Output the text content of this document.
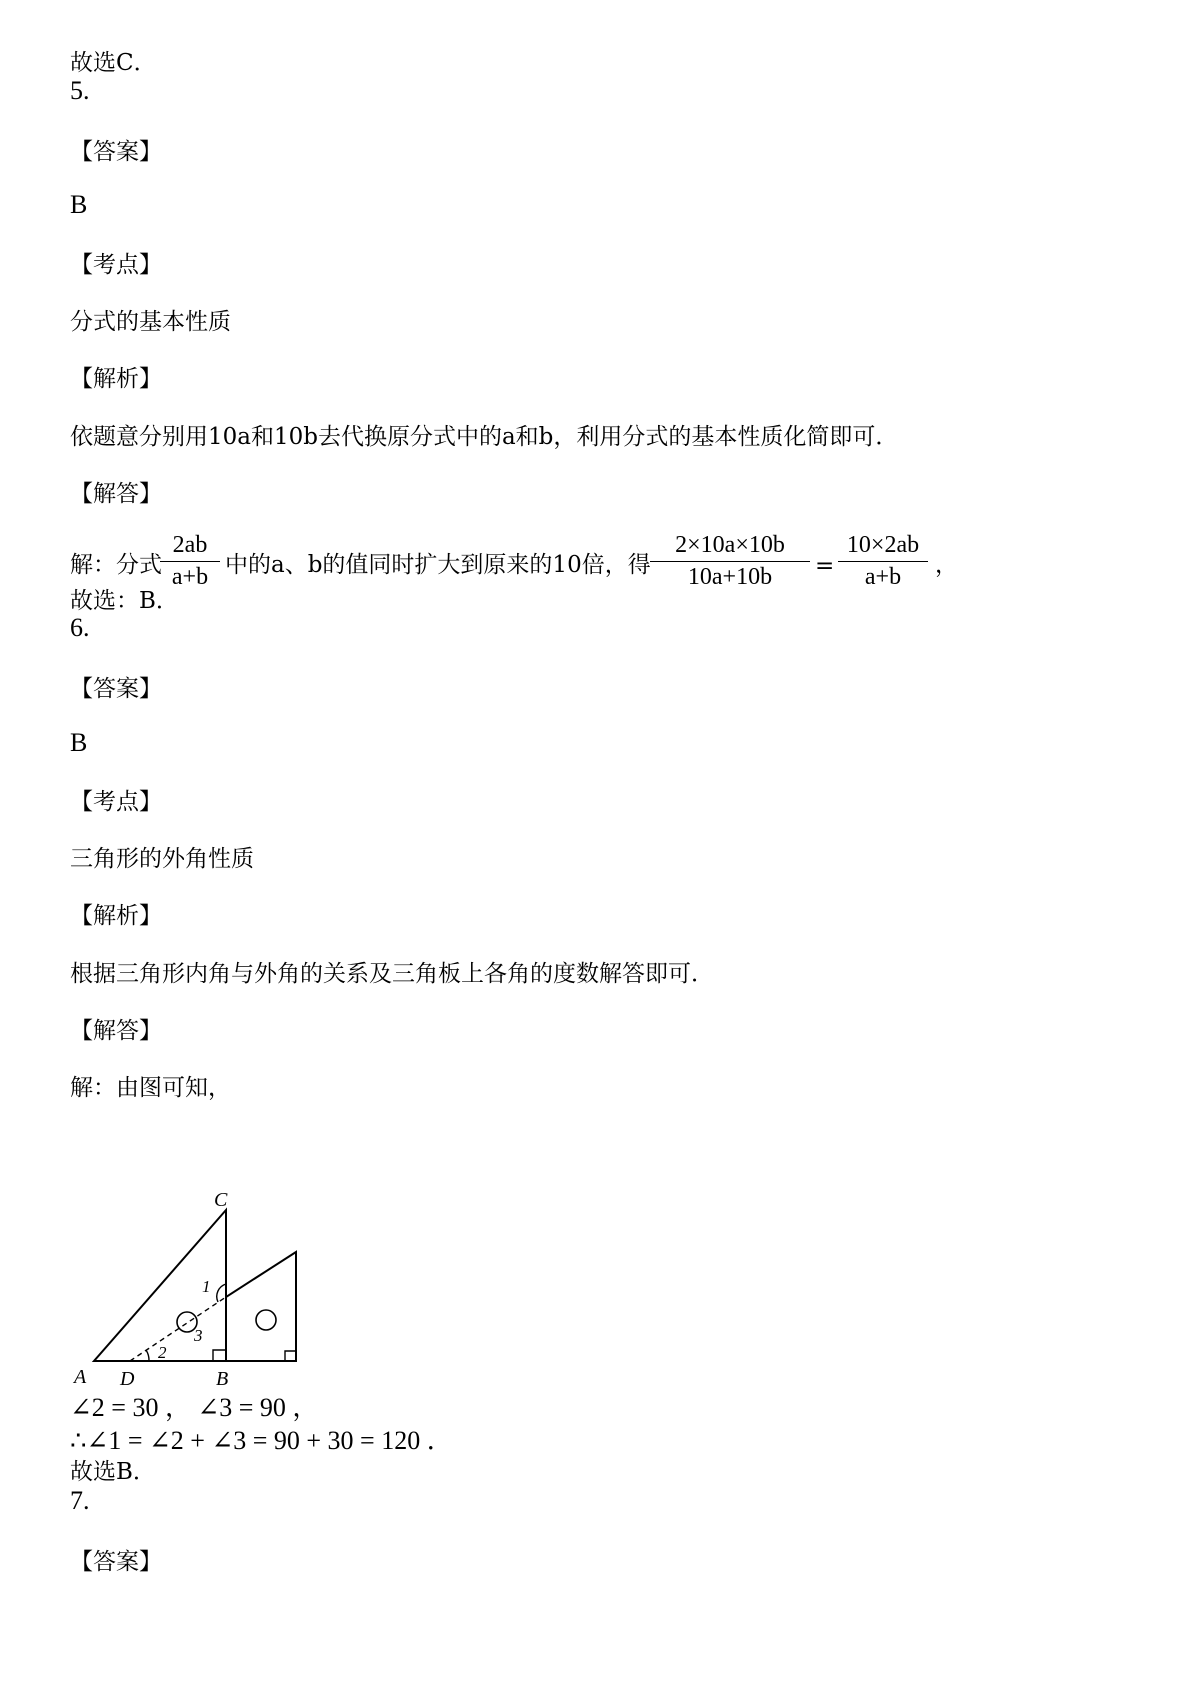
故选C．
5.
【答案】
B
【考点】
分式的基本性质
【解析】
依题意分别用10a和10b去代换原分式中的a和b，利用分式的基本性质化简即可．
【解答】
解：分式
2ab
a+b 中的a、b的值同时扩大到原来的10倍，得
2×10a×10b
10a+10b	=
10×2ab
a+b	，
故选：B．
6.
【答案】
B
【考点】
三角形的外角性质
【解析】
根据三角形内角与外角的关系及三角板上各角的度数解答即可．
【解答】
解：由图可知，
C
A D	B
1
2
3
∠2 = 30 ， ∠3 = 90 ，
∴∠1 = ∠2 + ∠3 = 90 + 30 = 120 ．
故选B．
7.
【答案】
